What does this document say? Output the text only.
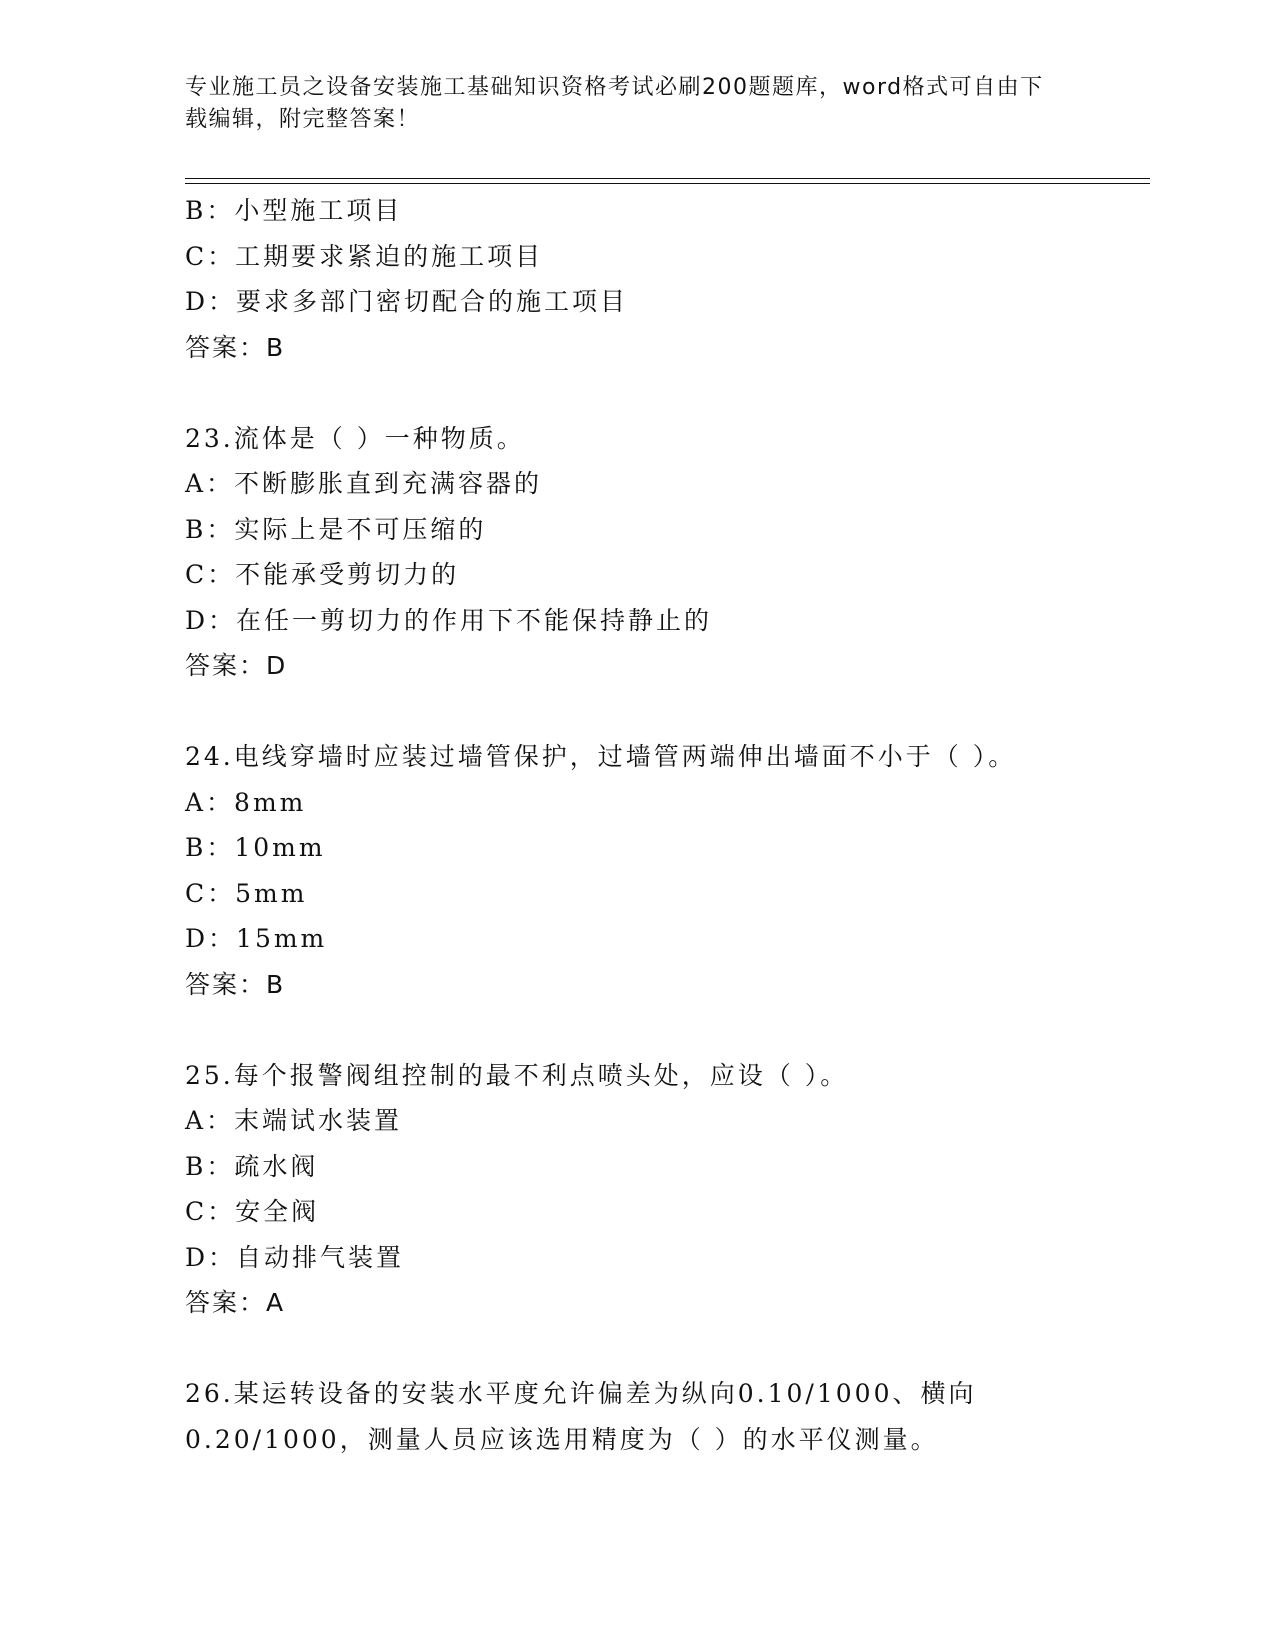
专业施工员之设备安装施工基础知识资格考试必刷200题题库，word格式可自由下载编辑，附完整答案！
B：小型施工项目
C：工期要求紧迫的施工项目
D：要求多部门密切配合的施工项目
答案：B
23.流体是（ ）一种物质。
A：不断膨胀直到充满容器的
B：实际上是不可压缩的
C：不能承受剪切力的
D：在任一剪切力的作用下不能保持静止的
答案：D
24.电线穿墙时应装过墙管保护，过墙管两端伸出墙面不小于（ ）。
A：8mm
B：10mm
C：5mm
D：15mm
答案：B
25.每个报警阀组控制的最不利点喷头处，应设（ ）。
A：末端试水装置
B：疏水阀
C：安全阀
D：自动排气装置
答案：A
26.某运转设备的安装水平度允许偏差为纵向0.10/1000、横向
0.20/1000，测量人员应该选用精度为（ ）的水平仪测量。
